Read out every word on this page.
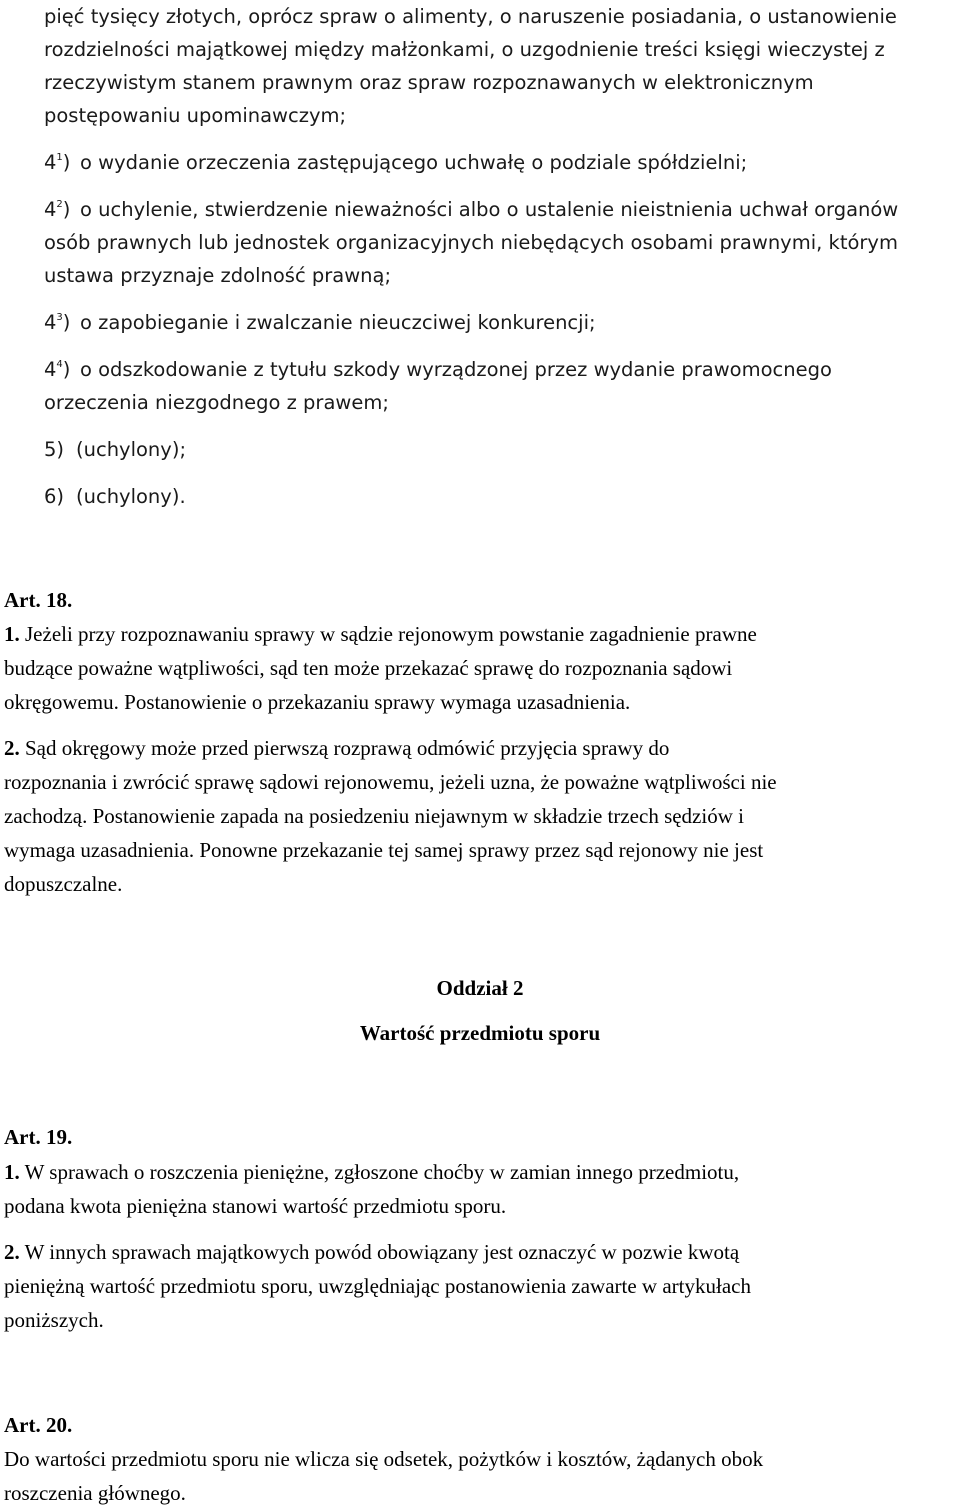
pięć tysięcy złotych, oprócz spraw o alimenty, o naruszenie posiadania, o ustanowienie
rozdzielności majątkowej między małżonkami, o uzgodnienie treści księgi wieczystej z
rzeczywistym stanem prawnym oraz spraw rozpoznawanych w elektronicznym
postępowaniu upominawczym;
$4^1$) o wydanie orzeczenia zastępującego uchwałę o podziale spółdzielni;
$4^2$) o uchylenie, stwierdzenie nieważności albo o ustalenie nieistnienia uchwał organów
osób prawnych lub jednostek organizacyjnych niebędących osobami prawnymi, którym
ustawa przyznaje zdolność prawną;
$4^3$) o zapobieganie i zwalczanie nieuczciwej konkurencji;
$4^4$) o odszkodowanie z tytułu szkody wyrządzonej przez wydanie prawomocnego
orzeczenia niezgodnego z prawem;
5) (uchylony);
6) (uchylony).
Art. 18.
1. Jeżeli przy rozpoznawaniu sprawy w sądzie rejonowym powstanie zagadnienie prawne
budzące poważne wątpliwości, sąd ten może przekazać sprawę do rozpoznania sądowi
okręgowemu. Postanowienie o przekazaniu sprawy wymaga uzasadnienia.
2. Sąd okręgowy może przed pierwszą rozprawą odmówić przyjęcia sprawy do
rozpoznania i zwrócić sprawę sądowi rejonowemu, jeżeli uzna, że poważne wątpliwości nie
zachodzą. Postanowienie zapada na posiedzeniu niejawnym w składzie trzech sędziów i
wymaga uzasadnienia. Ponowne przekazanie tej samej sprawy przez sąd rejonowy nie jest
dopuszczalne.
Oddział 2
Wartość przedmiotu sporu
Art. 19.
1. W sprawach o roszczenia pieniężne, zgłoszone choćby w zamian innego przedmiotu,
podana kwota pieniężna stanowi wartość przedmiotu sporu.
2. W innych sprawach majątkowych powód obowiązany jest oznaczyć w pozwie kwotą
pieniężną wartość przedmiotu sporu, uwzględniając postanowienia zawarte w artykułach
poniższych.
Art. 20.
Do wartości przedmiotu sporu nie wlicza się odsetek, pożytków i kosztów, żądanych obok
roszczenia głównego.
